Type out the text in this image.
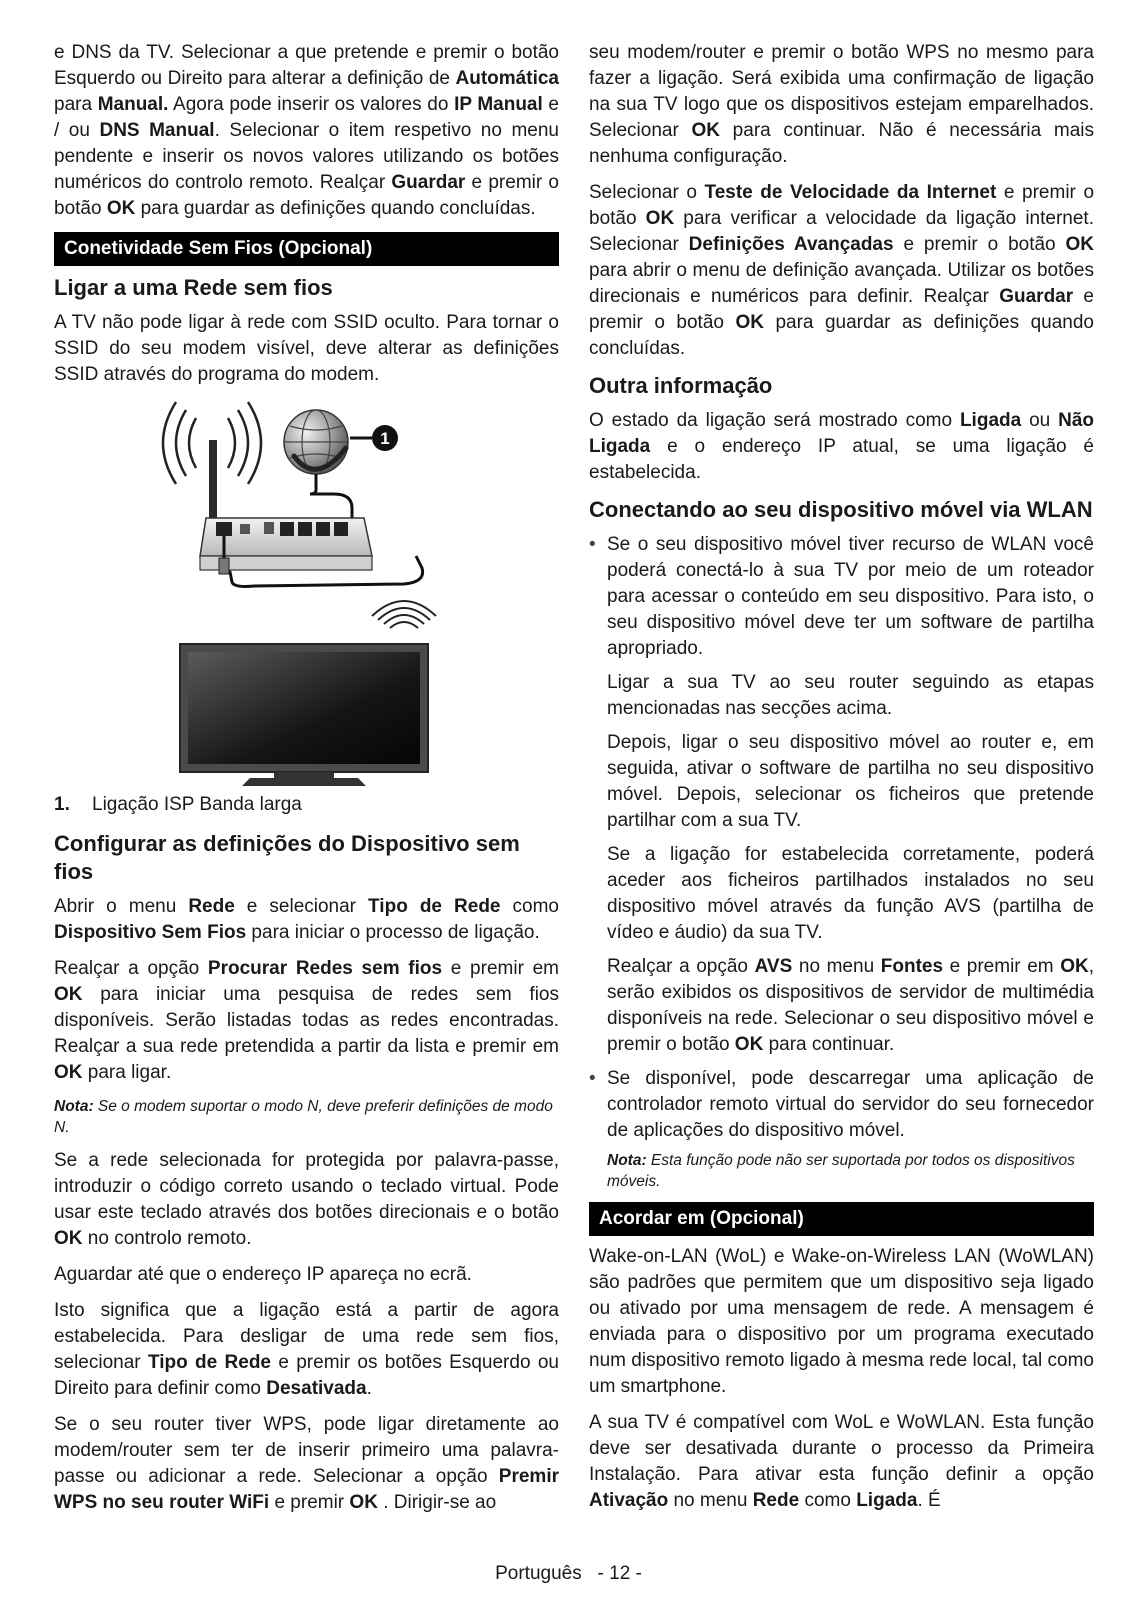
e DNS da TV. Selecionar a que pretende e premir o botão Esquerdo ou Direito para alterar a definição de Automática para Manual. Agora pode inserir os valores do IP Manual e / ou DNS Manual. Selecionar o item respetivo no menu pendente e inserir os novos valores utilizando os botões numéricos do controlo remoto. Realçar Guardar e premir o botão OK para guardar as definições quando concluídas.

Conetividade Sem Fios (Opcional)
Ligar a uma Rede sem fios

A TV não pode ligar à rede com SSID oculto. Para tornar o SSID do seu modem visível, deve alterar as definições SSID através do programa do modem.

1

1. Ligação ISP Banda larga

Configurar as definições do Dispositivo sem fios

Abrir o menu Rede e selecionar Tipo de Rede como Dispositivo Sem Fios para iniciar o processo de ligação.

Realçar a opção Procurar Redes sem fios e premir em OK para iniciar uma pesquisa de redes sem fios disponíveis. Serão listadas todas as redes encontradas. Realçar a sua rede pretendida a partir da lista e premir em OK para ligar.

Nota: Se o modem suportar o modo N, deve preferir definições de modo N.

Se a rede selecionada for protegida por palavra-passe, introduzir o código correto usando o teclado virtual. Pode usar este teclado através dos botões direcionais e o botão OK no controlo remoto.

Aguardar até que o endereço IP apareça no ecrã.

Isto significa que a ligação está a partir de agora estabelecida. Para desligar de uma rede sem fios, selecionar Tipo de Rede e premir os botões Esquerdo ou Direito para definir como Desativada.

Se o seu router tiver WPS, pode ligar diretamente ao modem/router sem ter de inserir primeiro uma palavra-passe ou adicionar a rede. Selecionar a opção Premir WPS no seu router WiFi e premir OK . Dirigir-se ao

seu modem/router e premir o botão WPS no mesmo para fazer a ligação. Será exibida uma confirmação de ligação na sua TV logo que os dispositivos estejam emparelhados. Selecionar OK para continuar. Não é necessária mais nenhuma configuração.

Selecionar o Teste de Velocidade da Internet e premir o botão OK para verificar a velocidade da ligação internet. Selecionar Definições Avançadas e premir o botão OK para abrir o menu de definição avançada. Utilizar os botões direcionais e numéricos para definir. Realçar Guardar e premir o botão OK para guardar as definições quando concluídas.

Outra informação

O estado da ligação será mostrado como Ligada ou Não Ligada e o endereço IP atual, se uma ligação é estabelecida.

Conectando ao seu dispositivo móvel via WLAN

• Se o seu dispositivo móvel tiver recurso de WLAN você poderá conectá-lo à sua TV por meio de um roteador para acessar o conteúdo em seu dispositivo. Para isto, o seu dispositivo móvel deve ter um software de partilha apropriado.

Ligar a sua TV ao seu router seguindo as etapas mencionadas nas secções acima.

Depois, ligar o seu dispositivo móvel ao router e, em seguida, ativar o software de partilha no seu dispositivo móvel. Depois, selecionar os ficheiros que pretende partilhar com a sua TV.

Se a ligação for estabelecida corretamente, poderá aceder aos ficheiros partilhados instalados no seu dispositivo móvel através da função AVS (partilha de vídeo e áudio) da sua TV.

Realçar a opção AVS no menu Fontes e premir em OK, serão exibidos os dispositivos de servidor de multimédia disponíveis na rede. Selecionar o seu dispositivo móvel e premir o botão OK para continuar.

• Se disponível, pode descarregar uma aplicação de controlador remoto virtual do servidor do seu fornecedor de aplicações do dispositivo móvel.

Nota: Esta função pode não ser suportada por todos os dispositivos móveis.

Acordar em (Opcional)

Wake-on-LAN (WoL) e Wake-on-Wireless LAN (WoWLAN) são padrões que permitem que um dispositivo seja ligado ou ativado por uma mensagem de rede. A mensagem é enviada para o dispositivo por um programa executado num dispositivo remoto ligado à mesma rede local, tal como um smartphone.

A sua TV é compatível com WoL e WoWLAN. Esta função deve ser desativada durante o processo da Primeira Instalação. Para ativar esta função definir a opção Ativação no menu Rede como Ligada. É

Português   - 12 -
